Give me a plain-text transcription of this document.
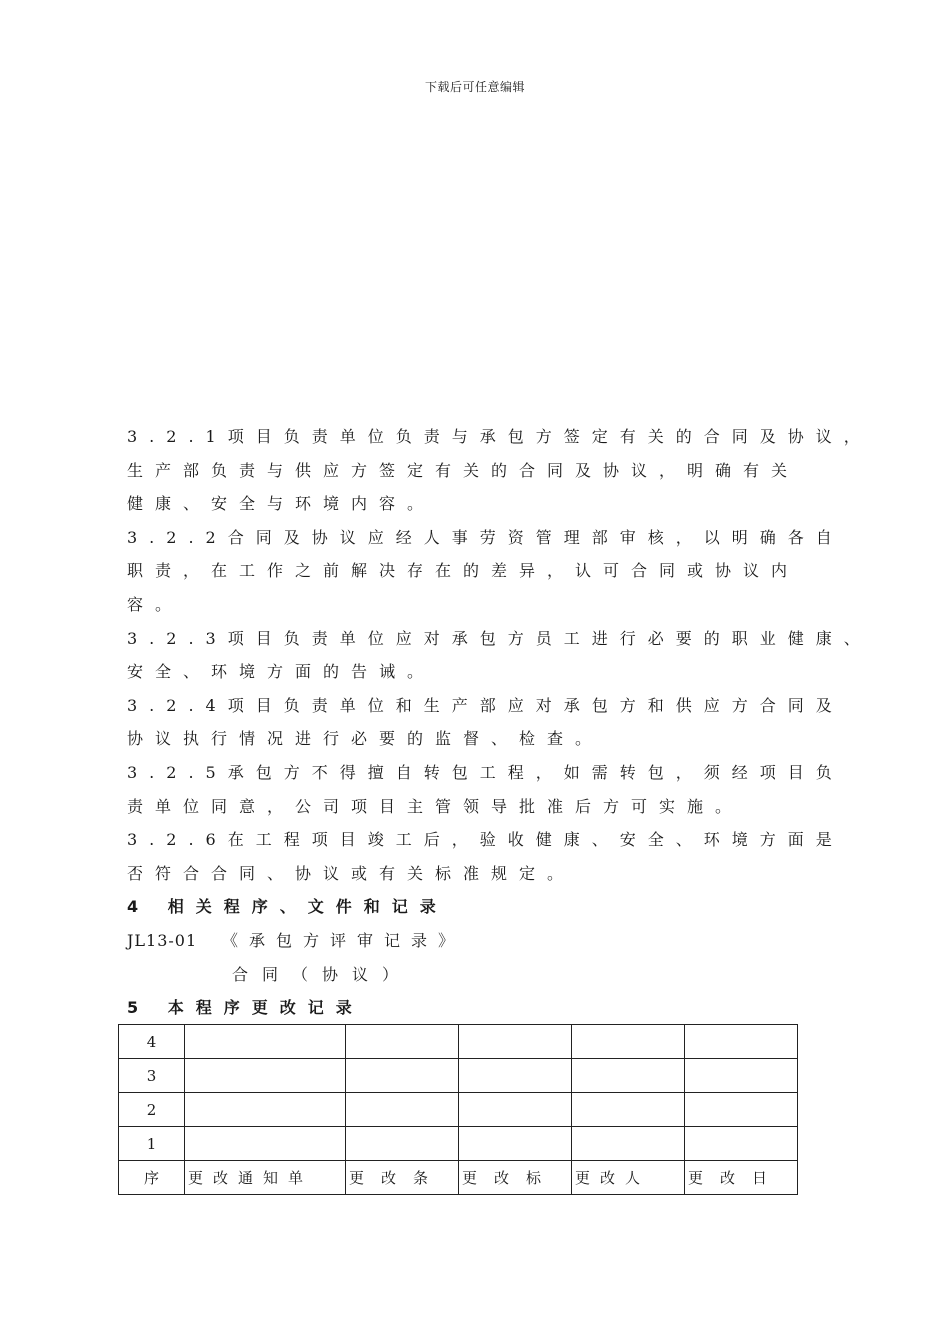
下载后可任意编辑
3.2.1项目负责单位负责与承包方签定有关的合同及协议，
生产部负责与供应方签定有关的合同及协议，明确有关
健康、安全与环境内容。
3.2.2合同及协议应经人事劳资管理部审核，以明确各自
职责，在工作之前解决存在的差异，认可合同或协议内
容。
3.2.3项目负责单位应对承包方员工进行必要的职业健康、
安全、环境方面的告诫。
3.2.4项目负责单位和生产部应对承包方和供应方合同及
协议执行情况进行必要的监督、检查。
3.2.5承包方不得擅自转包工程，如需转包，须经项目负
责单位同意，公司项目主管领导批准后方可实施。
3.2.6在工程项目竣工后，验收健康、安全、环境方面是
否符合合同、协议或有关标准规定。
4 相关程序、文件和记录
JL13-01 《承包方评审记录》
合同（协议）
5 本程序更改记录
4					
3					
2					
1					
序	更改通知单	更改条	更改标	更改人	更改日
